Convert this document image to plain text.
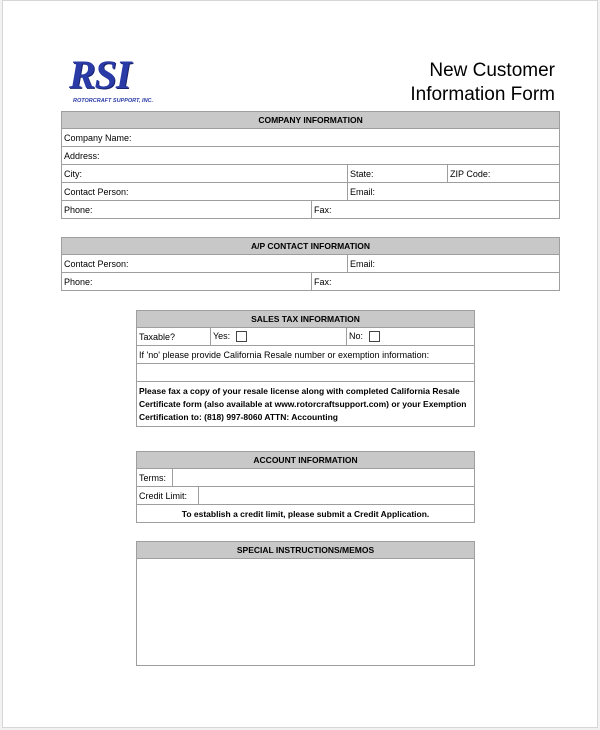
RSI
ROTORCRAFT SUPPORT, INC.
New Customer
Information Form
COMPANY INFORMATION			
Company Name:			
Address:			
City:		State:	ZIP Code:
Contact Person:		Email:	
Phone:	Fax:		
A/P CONTACT INFORMATION		
Contact Person:		Email:
Phone:	Fax:	
SALES TAX INFORMATION
Taxable?	Yes:	No:
If 'no' please provide California Resale number or exemption information:

Please fax a copy of your resale license along with completed California Resale Certificate form (also available at www.rotorcraftsupport.com) or your Exemption Certification to: (818) 997-8060 ATTN: Accounting
ACCOUNT INFORMATION		
Terms:		
Credit Limit:		
To establish a credit limit, please submit a Credit Application.		
SPECIAL INSTRUCTIONS/MEMOS
